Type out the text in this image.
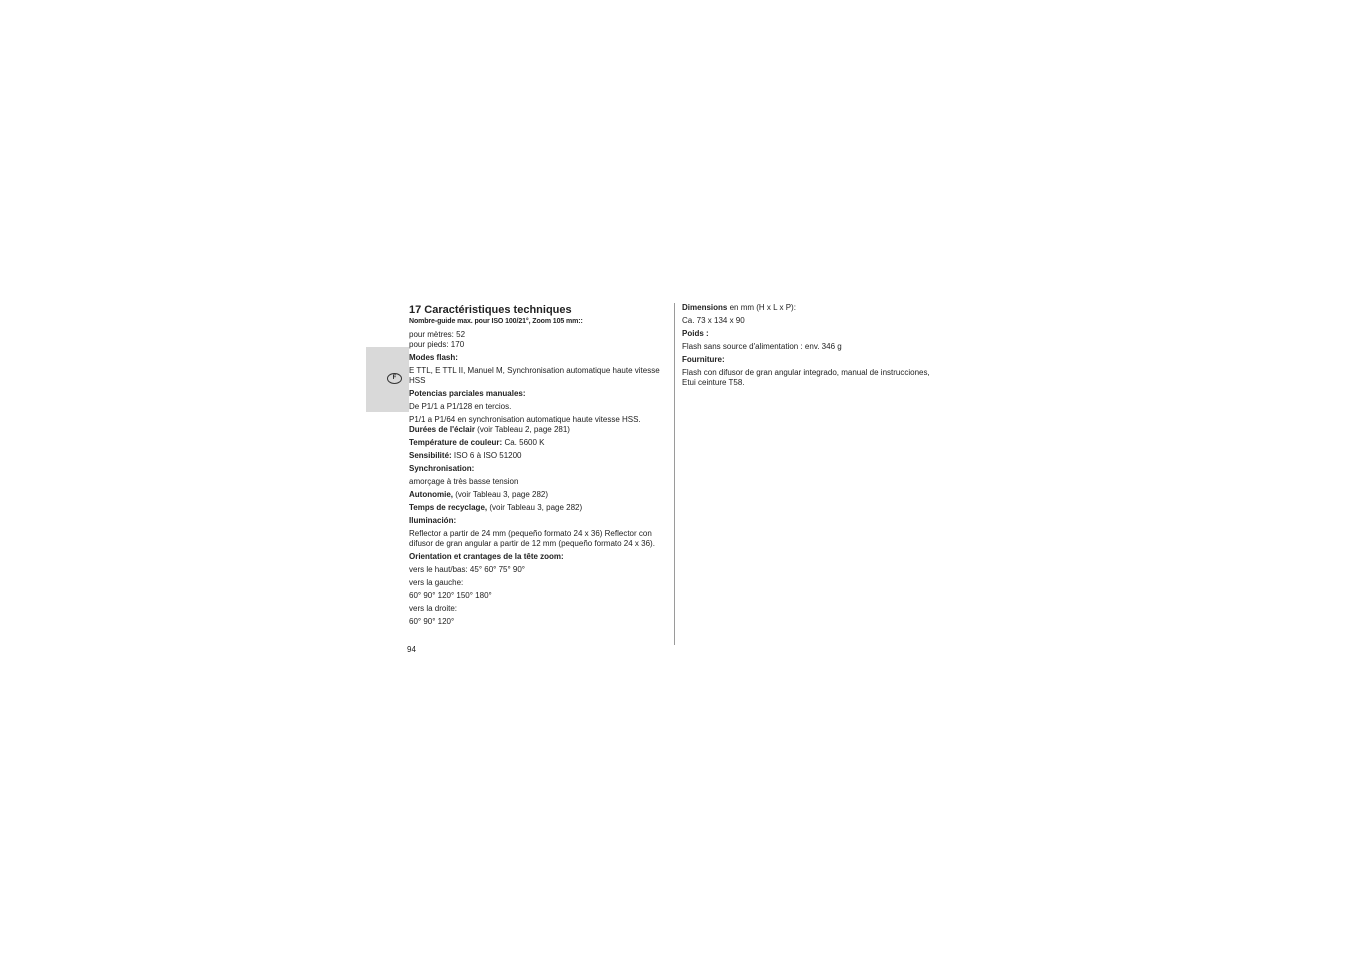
F
17 Caractéristiques techniques
Nombre-guide max. pour ISO 100/21°, Zoom 105 mm::
pour mètres: 52
pour pieds: 170
Modes flash:
E TTL, E TTL II, Manuel M, Synchronisation automatique haute vitesse HSS
Potencias parciales manuales:
De P1/1 a P1/128 en tercios.
P1/1 a P1/64 en synchronisation automatique haute vitesse HSS.
Durées de l'éclair (voir Tableau 2, page 281)
Température de couleur: Ca. 5600 K
Sensibilité: ISO 6 à ISO 51200
Synchronisation:
amorçage à très basse tension
Autonomie, (voir Tableau 3, page 282)
Temps de recyclage, (voir Tableau 3, page 282)
Iluminación:
Reflector a partir de 24 mm (pequeño formato 24 x 36) Reflector con difusor de gran angular a partir de 12 mm (pequeño formato 24 x 36).
Orientation et crantages de la tête zoom:
vers le haut/bas: 45° 60° 75° 90°
vers la gauche:
60° 90° 120° 150° 180°
vers la droite:
60° 90° 120°
Dimensions en mm (H x L x P):
Ca. 73 x 134 x 90
Poids :
Flash sans source d'alimentation : env. 346 g
Fourniture:
Flash con difusor de gran angular integrado, manual de instrucciones, Etui ceinture T58.
94
